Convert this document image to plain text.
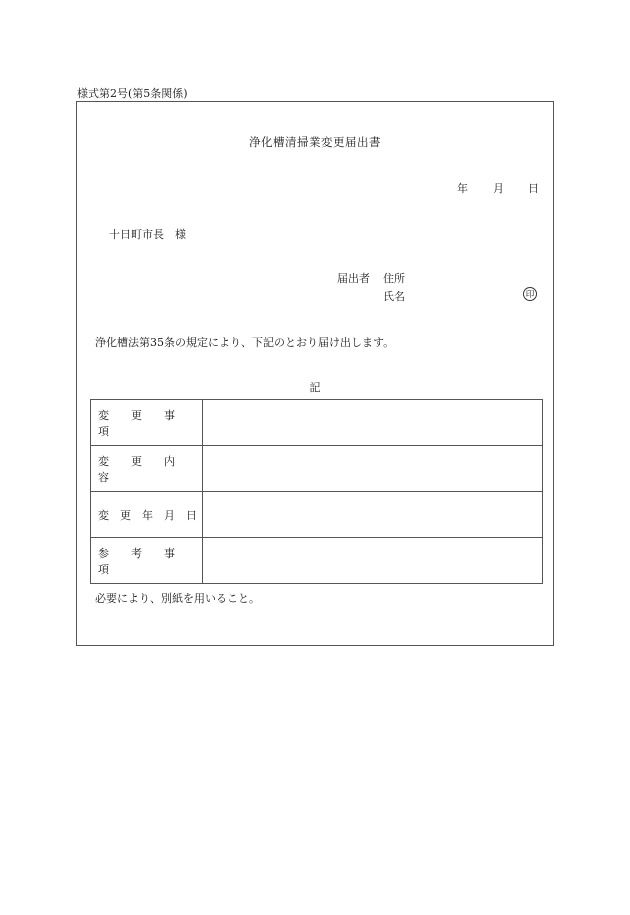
様式第2号(第5条関係)
浄化槽清掃業変更届出書
年 月 日
十日町市長　様
届出者 住所
氏名	印
浄化槽法第35条の規定により、下記のとおり届け出します。
記
変　　更　　事　　項	
変　　更　　内　　容	
変　更　年　月　日	
参　　考　　事　　項	
必要により、別紙を用いること。
